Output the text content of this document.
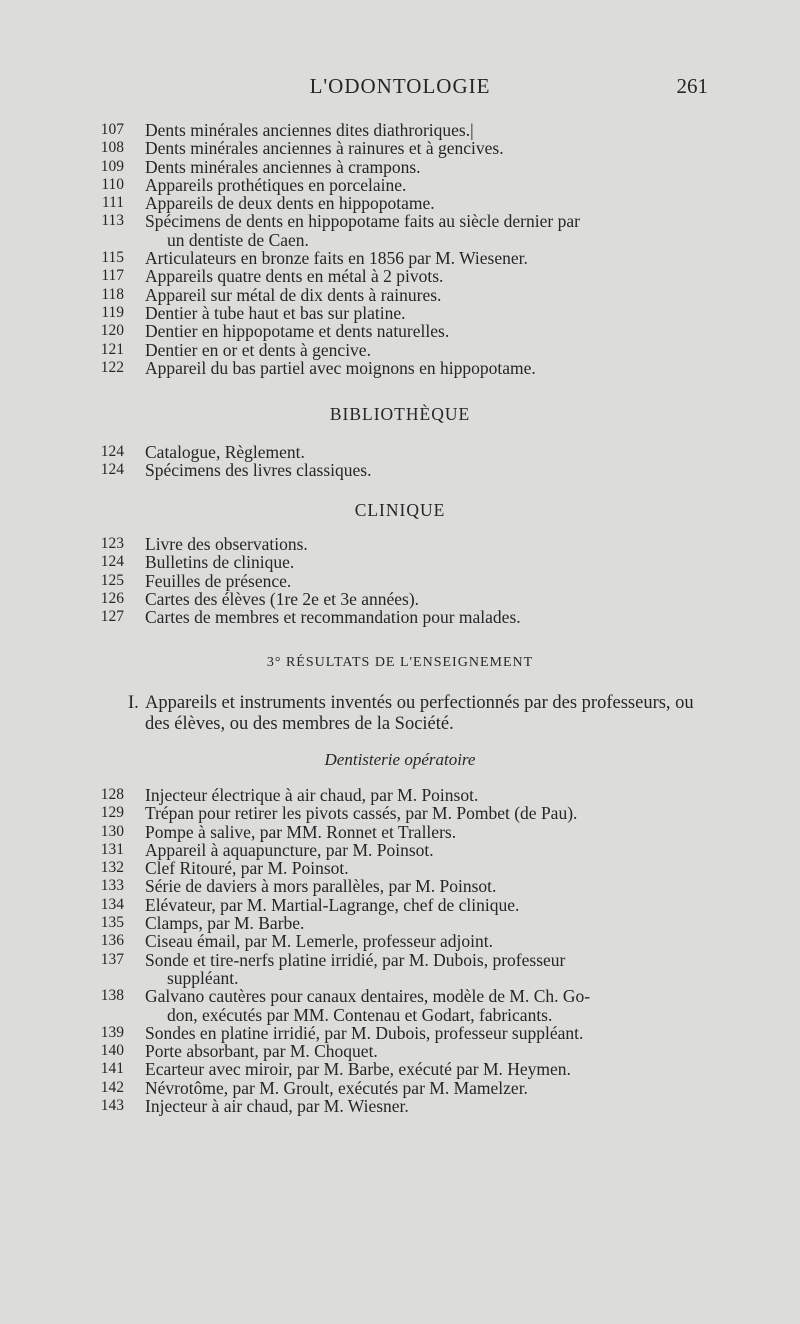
L'ODONTOLOGIE	261
107 Dents minérales anciennes dites diathroriques.|
108 Dents minérales anciennes à rainures et à gencives.
109 Dents minérales anciennes à crampons.
110 Appareils prothétiques en porcelaine.
111 Appareils de deux dents en hippopotame.
113 Spécimens de dents en hippopotame faits au siècle dernier par
un dentiste de Caen.
115 Articulateurs en bronze faits en 1856 par M. Wiesener.
117 Appareils quatre dents en métal à 2 pivots.
118 Appareil sur métal de dix dents à rainures.
119 Dentier à tube haut et bas sur platine.
120 Dentier en hippopotame et dents naturelles.
121 Dentier en or et dents à gencive.
122 Appareil du bas partiel avec moignons en hippopotame.
BIBLIOTHÈQUE
124 Catalogue, Règlement.
124 Spécimens des livres classiques.
CLINIQUE
123 Livre des observations.
124 Bulletins de clinique.
125 Feuilles de présence.
126 Cartes des élèves (1re 2e et 3e années).
127 Cartes de membres et recommandation pour malades.
3° RÉSULTATS DE L'ENSEIGNEMENT
I. Appareils et instruments inventés ou perfectionnés par des professeurs, ou des élèves, ou des membres de la Société.
Dentisterie opératoire
128 Injecteur électrique à air chaud, par M. Poinsot.
129 Trépan pour retirer les pivots cassés, par M. Pombet (de Pau).
130 Pompe à salive, par MM. Ronnet et Trallers.
131 Appareil à aquapuncture, par M. Poinsot.
132 Clef Ritouré, par M. Poinsot.
133 Série de daviers à mors parallèles, par M. Poinsot.
134 Elévateur, par M. Martial-Lagrange, chef de clinique.
135 Clamps, par M. Barbe.
136 Ciseau émail, par M. Lemerle, professeur adjoint.
137 Sonde et tire-nerfs platine irridié, par M. Dubois, professeur
suppléant.
138 Galvano cautères pour canaux dentaires, modèle de M. Ch. Go-
don, exécutés par MM. Contenau et Godart, fabricants.
139 Sondes en platine irridié, par M. Dubois, professeur suppléant.
140 Porte absorbant, par M. Choquet.
141 Ecarteur avec miroir, par M. Barbe, exécuté par M. Heymen.
142 Névrotôme, par M. Groult, exécutés par M. Mamelzer.
143 Injecteur à air chaud, par M. Wiesner.
